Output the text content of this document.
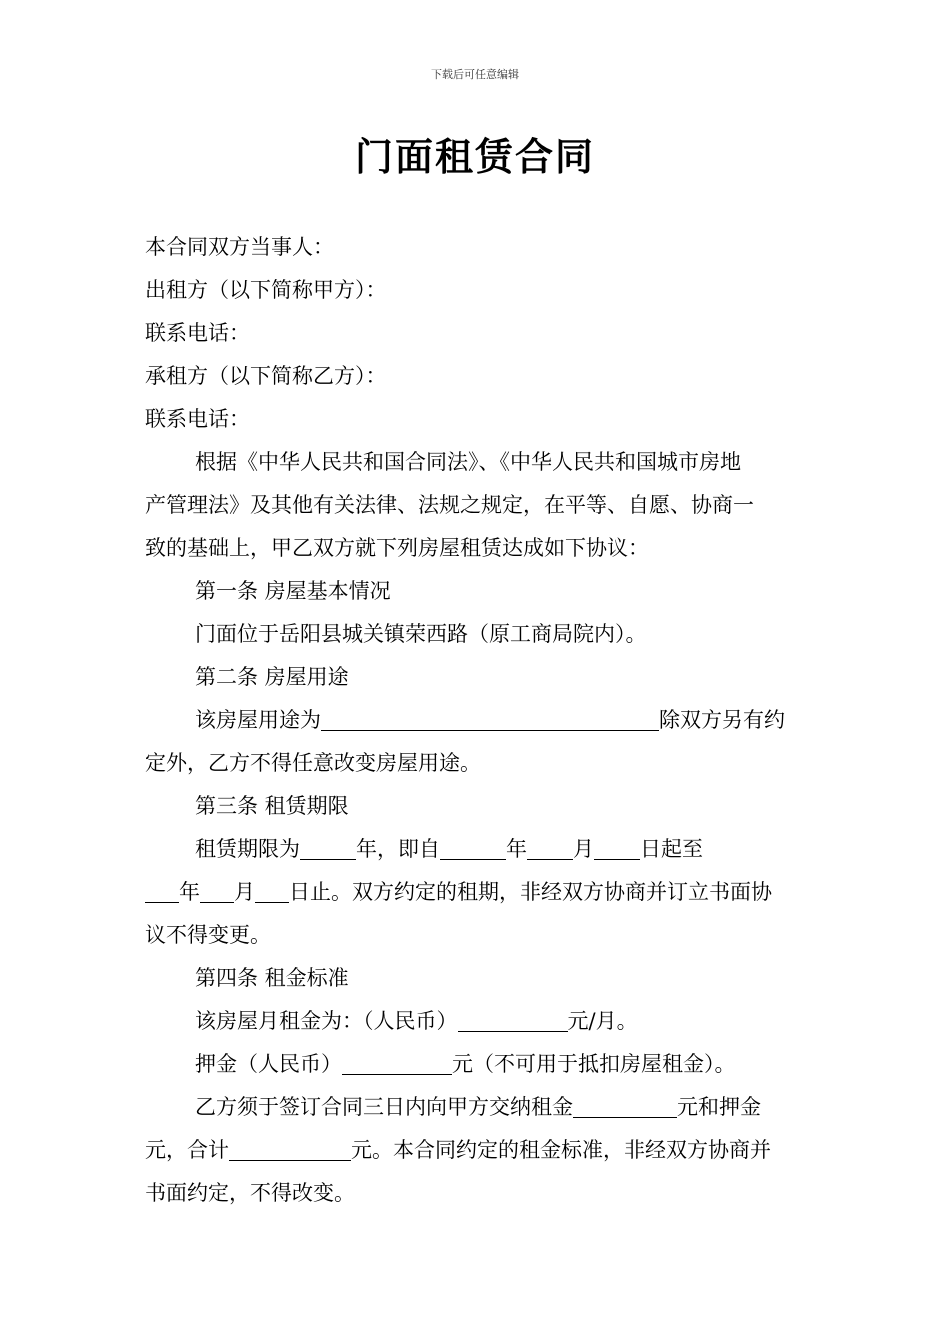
下载后可任意编辑
门面租赁合同
本合同双方当事人：
出租方（以下简称甲方）：
联系电话：
承租方（以下简称乙方）：
联系电话：
根据《中华人民共和国合同法》、《中华人民共和国城市房地
产管理法》及其他有关法律、法规之规定，在平等、自愿、协商一
致的基础上，甲乙双方就下列房屋租赁达成如下协议：
第一条 房屋基本情况
门面位于岳阳县城关镇荣西路（原工商局院内）。
第二条 房屋用途
该房屋用途为	除双方另有约
定外，乙方不得任意改变房屋用途。
第三条 租赁期限
租赁期限为	年，即自	年 月 日起至
年 月 日止。双方约定的租期，非经双方协商并订立书面协
议不得变更。
第四条 租金标准
该房屋月租金为：（人民币）	元/月。
押金（人民币）	元（不可用于抵扣房屋租金）。
乙方须于签订合同三日内向甲方交纳租金	元和押金
元，合计	元。本合同约定的租金标准，非经双方协商并
书面约定，不得改变。
